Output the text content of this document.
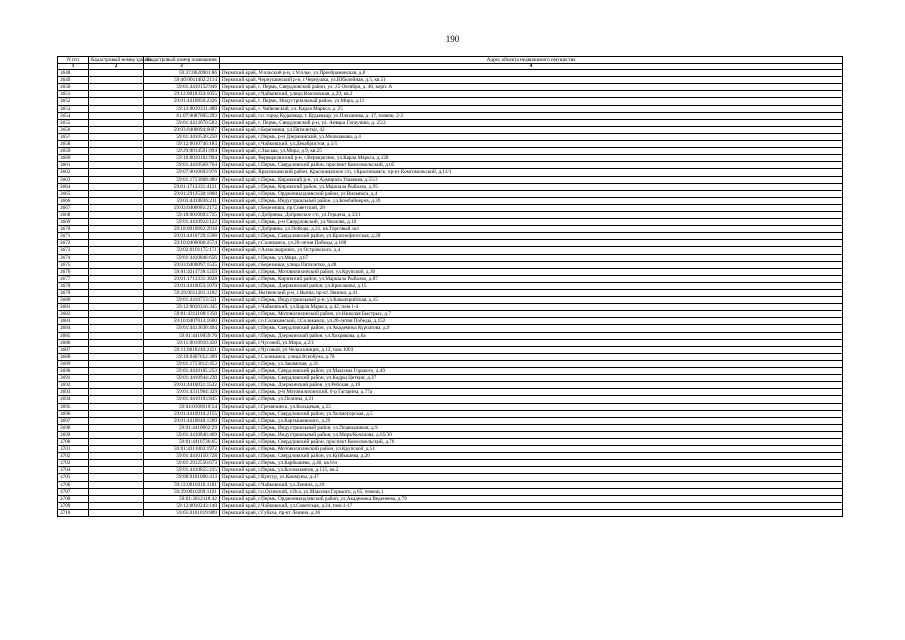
190
N п/п	Кадастровый номер здания	Кадастровый номер помещения	Адрес объекта недвижимого имущества
1	2	3	4
3648		59:37:0620901:86	Пермский край, Усольский р-н, г.Усолье, ул.Преображенская, д.8
3649		59:40:0011402:2114	Пермский край, Чернушинский р-н, г.Чернушка, ул.Юбилейная, д.5, кв.51
3650		59:01:4410152:946	Пермский край, г. Пермь, Свердловский район, ул. 25 Октября, д. 40, корп. А
3651		59:12:0010333:1055	Пермский край, г.Чайковский, улица Вокзальная, д.29, кв.2
3652		59:01:4410856:2326	Пермский край, г. Пермь, Индустриальный район, ул.Мира, д.11
3653		59:12:0010331:480	Пермский край, г. Чайковский, ул. Карла Маркса, д. 25
3654		81:07:0087005:293	Пермский край, г.о. город Кудымкар, г. Кудымкар, ул.Плеханова, д. 17, помещ. 2-2
3655		59:01:4413670:583	Пермский край, г. Пермь, Свердловский р-н, ул. Анвара Гатаулина, д. 25/2
3656		59:03:0400094:6697	Пермский край, г.Березники, ул.Пятилетки, 42
3657		59:01:4410530:250	Пермский край, г.Пермь, р-н Дзержинский, ул.Мильчакова, д.4
3658		59:12:0010746:183	Пермский край, г.Чайковский, ул.Декабристов, д.5/5
3659		59:29:0014501:894	Пермский край, г.Лысьва, ул.Мира, д.9, кв.25
3660		59:16:0010102:994	Пермский край, Верещагинский р-н, г.Верещагино, ул.Карла Маркса, д.128
3661		59:01:4410569:764	Пермский край, г.Пермь, Свердловский район, проспект Комсомольский, д.65
3662		59:07:0010603:976	Пермский край, Краснокамский район, Краснокамское г/п, г.Краснокамск, пр-кт Комсомольский, д.13/1
3663		59:01:1713068:480	Пермский край, г.Пермь, Кировский р-н, ул.Адмирала Ушакова, д.55/2
3664		59:01:1713331:4121	Пермский край, г.Пермь, Кировский район, ул.Маршала Рыбалко, д.95
3665		59:01:2912530:1860	Пермский край, г.Пермь, Орджоникидзевский район, ул.Вильямса, д.4
3666		59:01:4410836:211	Пермский край, г.Пермь, Индустриальный район, ул.Комбайнеров, д.39
3667		59:03:0400081:2172	Пермский край, г.Березники, пр.Советский, 28
3668		59:18:0010603:725	Пермский край, г.Добрянка, Добрянское г/п, ул.Герцена, д.33/1
3669		59:01:4410924:122	Пермский край, г.Пермь, р-н Свердловский, ул.Чкалова, д.10
3670		59:18:0010602:2918	Пермский край, г.Добрянка, ул.Победы, д.31, кв.Торговый зал
3671		59:01:4410729:1508	Пермский край, г.Пермь, Свердловский район, ул.Краснофлотская, д.28
3672		59:10:0406006:2574	Пермский край, г.Соликамск, ул.20-летия Победы, д.188
3673		59:02:0101175:171	Пермский край, г.Александровск, ул.Островского, д.4
3674		59:01:4410846:656	Пермский край, г.Пермь, ул.Мира, д.67
3675		59:03:0400097:1535	Пермский край, г.Березники, улица Пятилетки, д.48
3676		59:01:4311738:1259	Пермский край, г.Пермь, Мотовилихинский район, ул.Крупской, д.30
3677		59:01:1713331:3828	Пермский край, г.Пермь, Кировский район, ул.Маршала Рыбалко, д.87
3678		59:01:4410053:1070	Пермский край, г.Пермь, Дзержинский район, ул.Крисанова, д.15
3679		59:26:0611201:1182	Пермский край, Нытвенский р-н, г.Нытва, пр-кт Ленина, д.41
3680		59:01:4410713:531	Пермский край, г.Пермь, Индустриальный р-н, ул.Кавалерийская, д.15
3681		59:12:0010316:345	Пермский край, г.Чайковский, ул.Карла Маркса, д.42, пом.1-4
3682		59:01:4311108:1350	Пермский край, г.Пермь, Мотовилихинский район, ул.Николая Быстрых, д.7
3683		59:10:0407013:1600	Пермский край, г.о.Соликамский, г.Соликамск, ул.20-летия Победы, д.152
3684		59:01:4413638:494	Пермский край, г.Пермь, Свердловский район, ул.Академика Курчатова, д.9
3685		59:01:4410059:76	Пермский край, г.Пермь, Дзержинский район, ул.Хохрякова, д.6а
3686		59:11:0010910:450	Пермский край, г.Чусовой, ул.Мира, д.2/1
3687		59:11:0010240:2421	Пермский край, г.Чусовой, ул.Челюскинцев, д.12, пом.1003
3688		59:10:0407052:309	Пермский край, г.Соликамск, улица Всеобуча, д.78
3689		59:01:1713012:453	Пермский край, г.Пермь, ул.Закамская, д.31
3690		59:01:4410185:253	Пермский край, г.Пермь, Свердловский район, ул.Максима Горького, д.49
3691		59:01:4410944:230	Пермский край, г.Пермь, Свердловский район, ул.Кадры Цеткин, д.27
3692		59:01:4410031:1522	Пермский край, г.Пермь, Дзержинский район, ул.Ребская, д.19
3693		59:01:4311904:329	Пермский край, г.Пермь, р-н Мотовилихинский, б-р Гагарина, д.77а
3694		59:01:4410103:845	Пермский край, г.Пермь, ул.Полины, д.21
3695		59:04:0100610:54	Пермский край, г.Гремячинск, ул.Кольцевая, д.53
3696		59:01:4410910:2155	Пермский край, г.Пермь, Свердловский район, ул.Холмогорская, д.5
3697		59:01:4410640:1260	Пермский край, г.Пермь, ул.Картышевского, д.29
3698		59:01:4410662:29	Пермский край, г.Пермь, Индустриальный район, ул.Подводников, д.9
3699		59:01:4410846:469	Пермский край, г.Пермь, Индустриальный район, ул.Мира/Кочалова, д.65/30
3700		59:01:4410736:65	Пермский край, г.Пермь, Свердловский район, проспект Комсомольский, д.76
3701		59:01:4311003:1972	Пермский край, г.Пермь, Мотовилихинский район, ул.Крупской, д.51
3702		59:01:4410150:728	Пермский край, г.Пермь, Свердловский район, ул.Куйбышева, д.26
3703		59:01:2912556:673	Пермский край, г.Пермь, ул.Карбышева, д.40, кв.6/н
3704		59:01:4410855:215	Пермский край, г.Пермь, ул.Космонавтов, д.115, кв.2
3705		59:08:0101006:413	Пермский край, г.Кунгур, ул.Коммуны, д.47
3706		59:12:0010316:1181	Пермский край, г.Чайковский, ул.Ленина, д.20
3707		59:29:0010209:1191	Пермский край, г.о.Осинский, г.Оса, ул.Максима Горького, д.65, помещ.1
3708		59:01:3812118:42	Пермский край, г.Пермь, Орджоникидзевский район, ул.Академика Веденеева, д.79
3709		59:12:0010243:140	Пермский край, г.Чайковский, ул.Советская, д.24, пом.1-17
3710		59:05:0101019:889	Пермский край, г.Губаха, пр-кт Ленина, д.30
